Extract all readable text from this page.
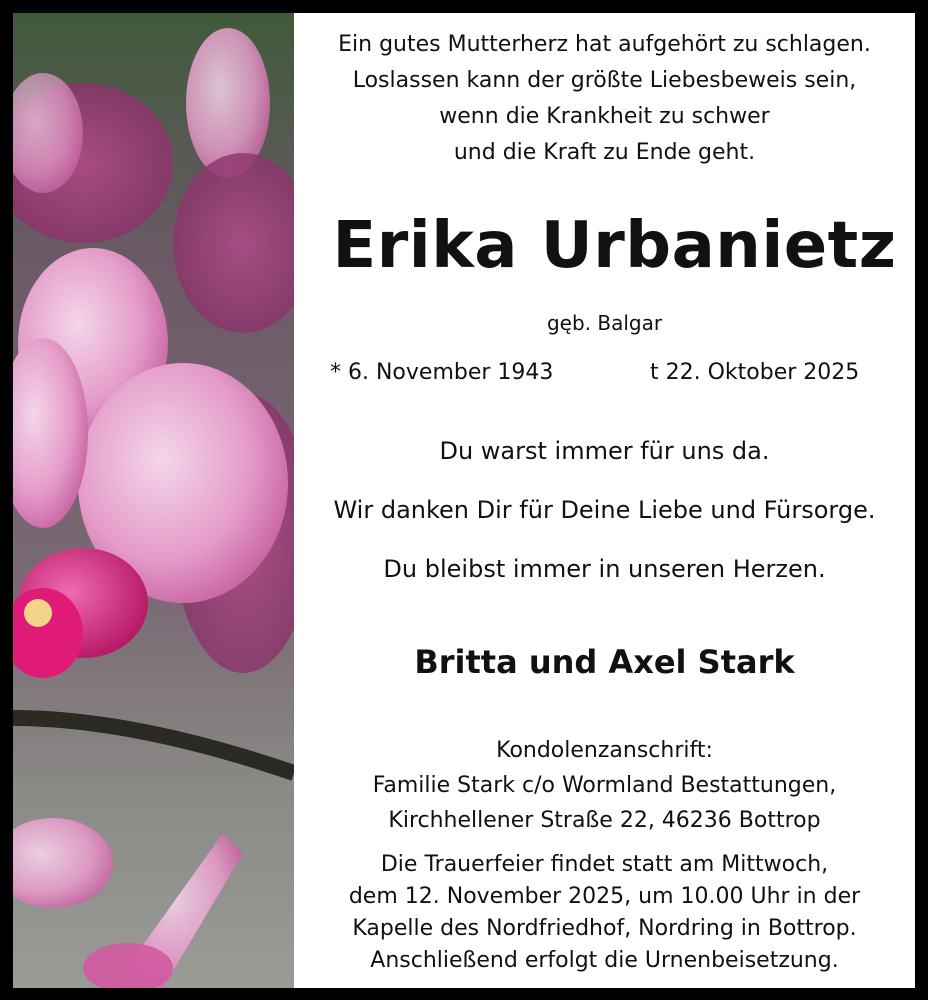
Ein gutes Mutterherz hat aufgehört zu schlagen.
Loslassen kann der größte Liebesbeweis sein,
wenn die Krankheit zu schwer
und die Kraft zu Ende geht.
Erika Urbanietz
gęb. Balgar
* 6. November 1943	t 22. Oktober 2025
Du warst immer für uns da.
Wir danken Dir für Deine Liebe und Fürsorge.
Du bleibst immer in unseren Herzen.
Britta und Axel Stark
Kondolenzanschrift:
Familie Stark c/o Wormland Bestattungen,
Kirchhellener Straße 22, 46236 Bottrop
Die Trauerfeier findet statt am Mittwoch,
dem 12. November 2025, um 10.00 Uhr in der
Kapelle des Nordfriedhof, Nordring in Bottrop.
Anschließend erfolgt die Urnenbeisetzung.
